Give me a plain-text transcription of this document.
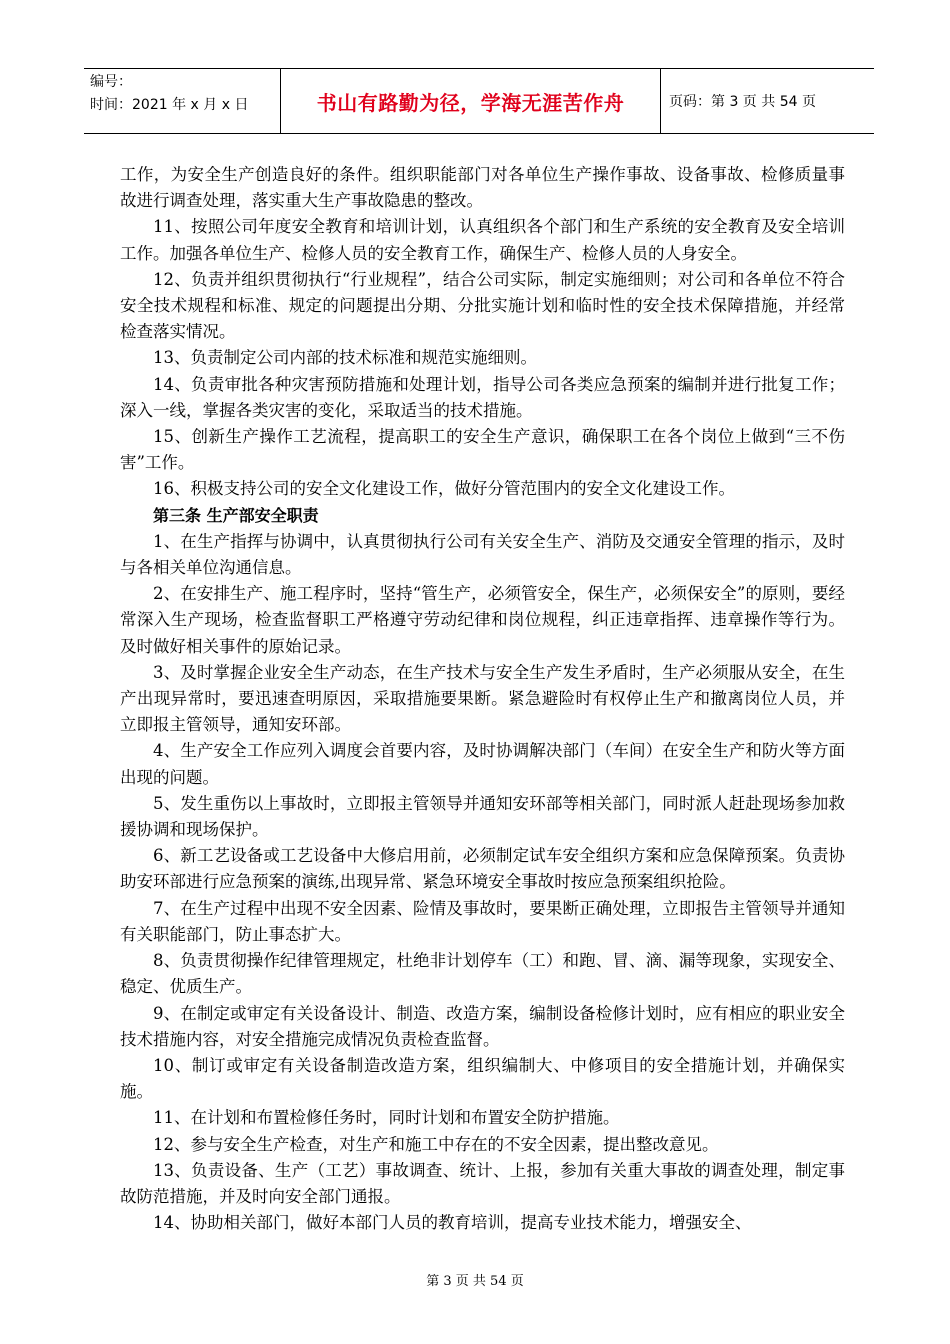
编号：
时间：2021 年 x 月 x 日	书山有路勤为径，学海无涯苦作舟	页码：第 3 页 共 54 页

工作，为安全生产创造良好的条件。组织职能部门对各单位生产操作事故、设备事故、检修质量事故进行调查处理，落实重大生产事故隐患的整改。

11、按照公司年度安全教育和培训计划，认真组织各个部门和生产系统的安全教育及安全培训工作。加强各单位生产、检修人员的安全教育工作，确保生产、检修人员的人身安全。

12、负责并组织贯彻执行“行业规程”，结合公司实际，制定实施细则；对公司和各单位不符合安全技术规程和标准、规定的问题提出分期、分批实施计划和临时性的安全技术保障措施，并经常检查落实情况。

13、负责制定公司内部的技术标准和规范实施细则。

14、负责审批各种灾害预防措施和处理计划，指导公司各类应急预案的编制并进行批复工作；深入一线，掌握各类灾害的变化，采取适当的技术措施。

15、创新生产操作工艺流程，提高职工的安全生产意识，确保职工在各个岗位上做到“三不伤害”工作。

16、积极支持公司的安全文化建设工作，做好分管范围内的安全文化建设工作。

第三条 生产部安全职责

1、在生产指挥与协调中，认真贯彻执行公司有关安全生产、消防及交通安全管理的指示，及时与各相关单位沟通信息。

2、在安排生产、施工程序时，坚持“管生产，必须管安全，保生产，必须保安全”的原则，要经常深入生产现场，检查监督职工严格遵守劳动纪律和岗位规程，纠正违章指挥、违章操作等行为。及时做好相关事件的原始记录。

3、及时掌握企业安全生产动态，在生产技术与安全生产发生矛盾时，生产必须服从安全，在生产出现异常时，要迅速查明原因，采取措施要果断。紧急避险时有权停止生产和撤离岗位人员，并立即报主管领导，通知安环部。

4、生产安全工作应列入调度会首要内容，及时协调解决部门（车间）在安全生产和防火等方面出现的问题。

5、发生重伤以上事故时，立即报主管领导并通知安环部等相关部门，同时派人赶赴现场参加救援协调和现场保护。

6、新工艺设备或工艺设备中大修启用前，必须制定试车安全组织方案和应急保障预案。负责协助安环部进行应急预案的演练,出现异常、紧急环境安全事故时按应急预案组织抢险。

7、在生产过程中出现不安全因素、险情及事故时，要果断正确处理，立即报告主管领导并通知有关职能部门，防止事态扩大。

8、负责贯彻操作纪律管理规定，杜绝非计划停车（工）和跑、冒、滴、漏等现象，实现安全、稳定、优质生产。

9、在制定或审定有关设备设计、制造、改造方案，编制设备检修计划时，应有相应的职业安全技术措施内容，对安全措施完成情况负责检查监督。

10、制订或审定有关设备制造改造方案，组织编制大、中修项目的安全措施计划，并确保实施。

11、在计划和布置检修任务时，同时计划和布置安全防护措施。

12、参与安全生产检查，对生产和施工中存在的不安全因素，提出整改意见。

13、负责设备、生产（工艺）事故调查、统计、上报，参加有关重大事故的调查处理，制定事故防范措施，并及时向安全部门通报。

14、协助相关部门，做好本部门人员的教育培训，提高专业技术能力，增强安全、

第 3 页 共 54 页
